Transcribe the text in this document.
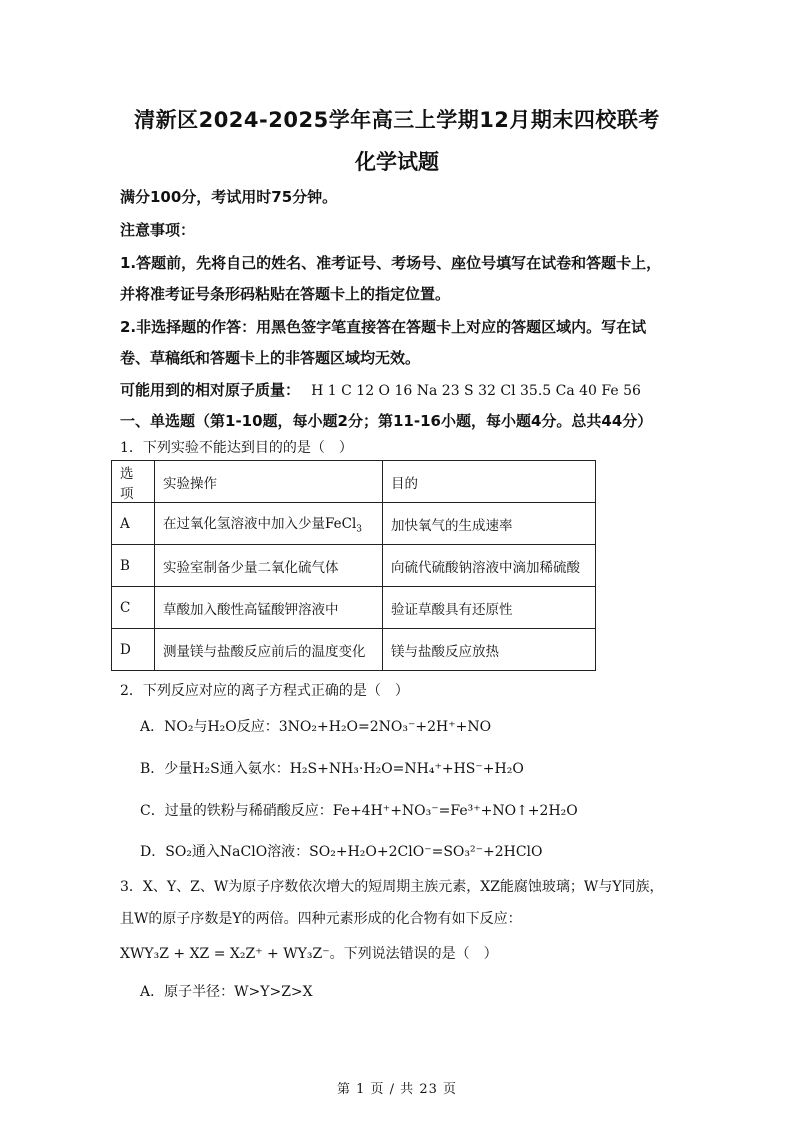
清新区2024-2025学年高三上学期12月期末四校联考
化学试题
满分100分，考试用时75分钟。
注意事项：
1.答题前，先将自己的姓名、准考证号、考场号、座位号填写在试卷和答题卡上，
并将准考证号条形码粘贴在答题卡上的指定位置。
2.非选择题的作答：用黑色签字笔直接答在答题卡上对应的答题区域内。写在试
卷、草稿纸和答题卡上的非答题区域均无效。
可能用到的相对原子质量： H 1 C 12 O 16 Na 23 S 32 Cl 35.5 Ca 40 Fe 56
一、单选题（第1-10题，每小题2分；第11-16小题，每小题4分。总共44分）
1．下列实验不能达到目的的是（　）
选项	实验操作	目的
A	在过氧化氢溶液中加入少量FeCl$_3$	加快氧气的生成速率
B	实验室制备少量二氧化硫气体	向硫代硫酸钠溶液中滴加稀硫酸
C	草酸加入酸性高锰酸钾溶液中	验证草酸具有还原性
D	测量镁与盐酸反应前后的温度变化	镁与盐酸反应放热
2．下列反应对应的离子方程式正确的是（　）
A．NO₂与H₂O反应：3NO₂+H₂O=2NO₃⁻+2H⁺+NO
B．少量H₂S通入氨水：H₂S+NH₃·H₂O=NH₄⁺+HS⁻+H₂O
C．过量的铁粉与稀硝酸反应：Fe+4H⁺+NO₃⁻=Fe³⁺+NO↑+2H₂O
D．SO₂通入NaClO溶液：SO₂+H₂O+2ClO⁻=SO₃²⁻+2HClO
3．X、Y、Z、W为原子序数依次增大的短周期主族元素，XZ能腐蚀玻璃；W与Y同族，
且W的原子序数是Y的两倍。四种元素形成的化合物有如下反应：
XWY₃Z + XZ = X₂Z⁺ + WY₃Z⁻。下列说法错误的是（　）
A．原子半径：W>Y>Z>X
第 1 页 / 共 23 页
